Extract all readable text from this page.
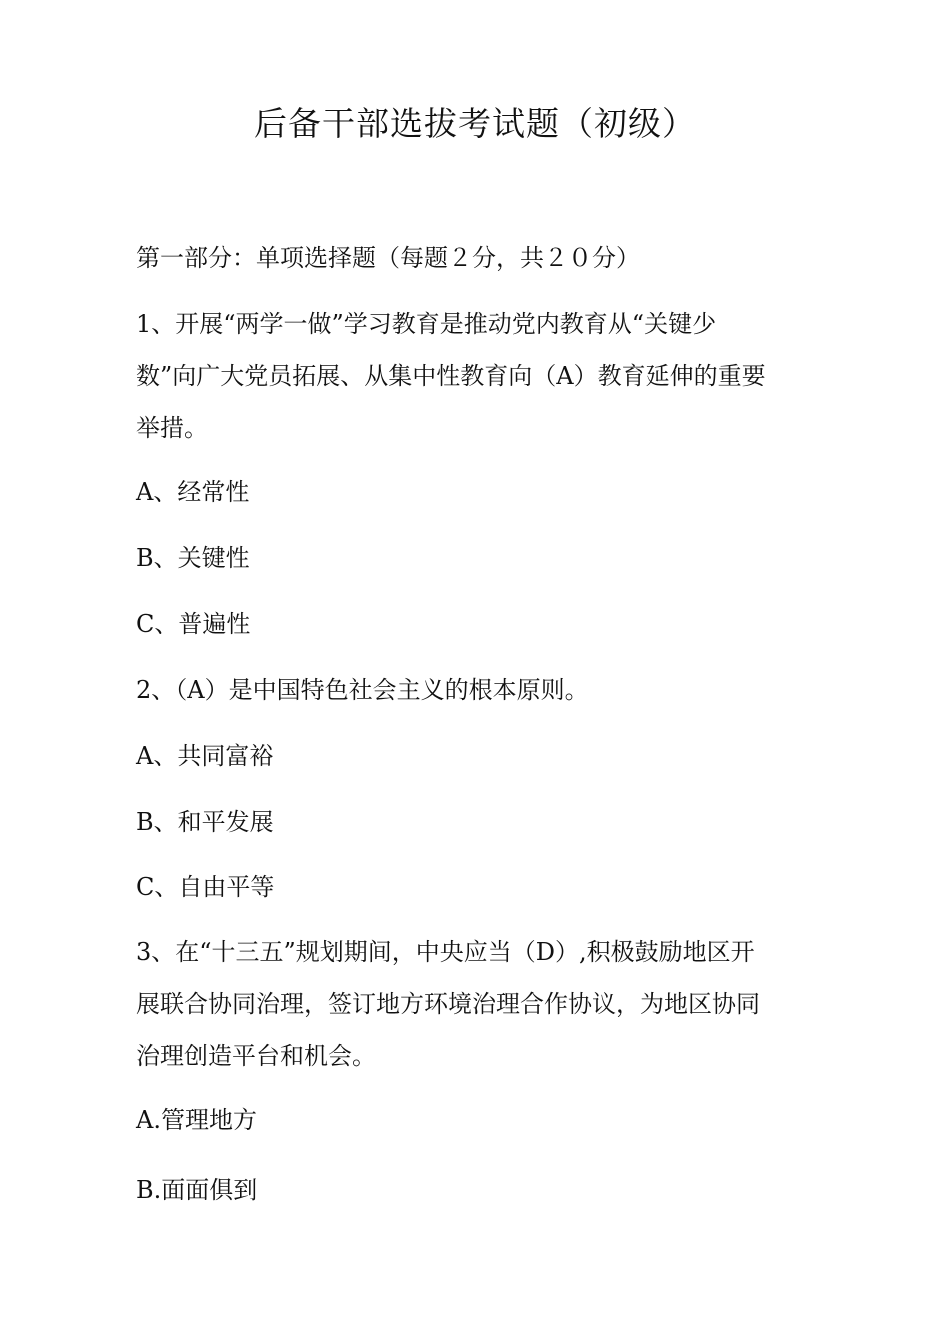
后备干部选拔考试题（初级）
第一部分：单项选择题（每题２分，共２０分）
1、开展“两学一做”学习教育是推动党内教育从“关键少
数”向广大党员拓展、从集中性教育向（A）教育延伸的重要
举措。
A、经常性
B、关键性
C、普遍性
2、（A）是中国特色社会主义的根本原则。
A、共同富裕
B、和平发展
C、自由平等
3、在“十三五”规划期间，中央应当（D）,积极鼓励地区开
展联合协同治理，签订地方环境治理合作协议，为地区协同
治理创造平台和机会。
A.管理地方
B.面面俱到
